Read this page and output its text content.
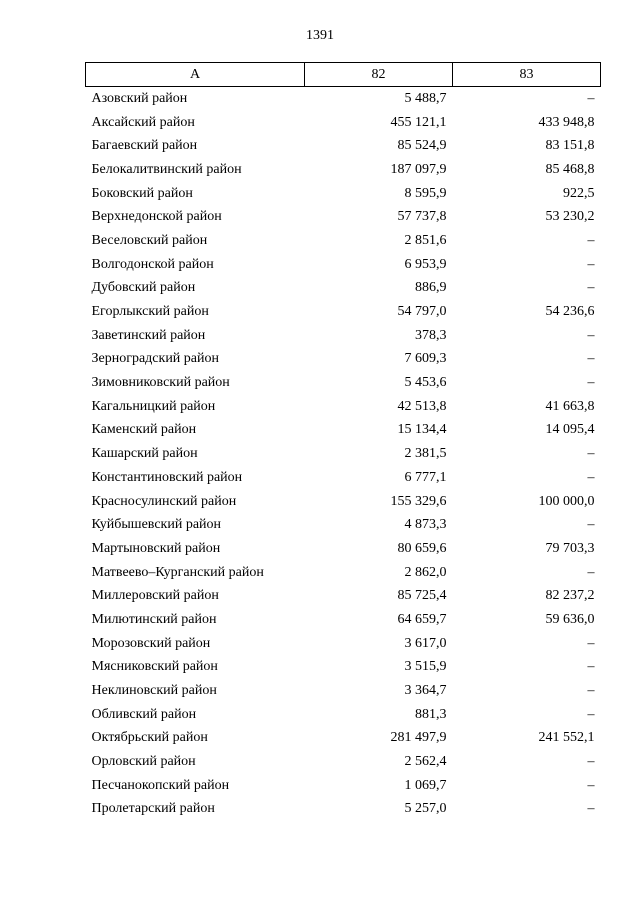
1391
А	82	83
Азовский район	5 488,7	–
Аксайский район	455 121,1	433 948,8
Багаевский район	85 524,9	83 151,8
Белокалитвинский район	187 097,9	85 468,8
Боковский район	8 595,9	922,5
Верхнедонской район	57 737,8	53 230,2
Веселовский район	2 851,6	–
Волгодонской район	6 953,9	–
Дубовский район	886,9	–
Егорлыкский район	54 797,0	54 236,6
Заветинский район	378,3	–
Зерноградский район	7 609,3	–
Зимовниковский район	5 453,6	–
Кагальницкий район	42 513,8	41 663,8
Каменский район	15 134,4	14 095,4
Кашарский район	2 381,5	–
Константиновский район	6 777,1	–
Красносулинский район	155 329,6	100 000,0
Куйбышевский район	4 873,3	–
Мартыновский район	80 659,6	79 703,3
Матвеево–Курганский район	2 862,0	–
Миллеровский район	85 725,4	82 237,2
Милютинский район	64 659,7	59 636,0
Морозовский район	3 617,0	–
Мясниковский район	3 515,9	–
Неклиновский район	3 364,7	–
Обливский район	881,3	–
Октябрьский район	281 497,9	241 552,1
Орловский район	2 562,4	–
Песчанокопский район	1 069,7	–
Пролетарский район	5 257,0	–
